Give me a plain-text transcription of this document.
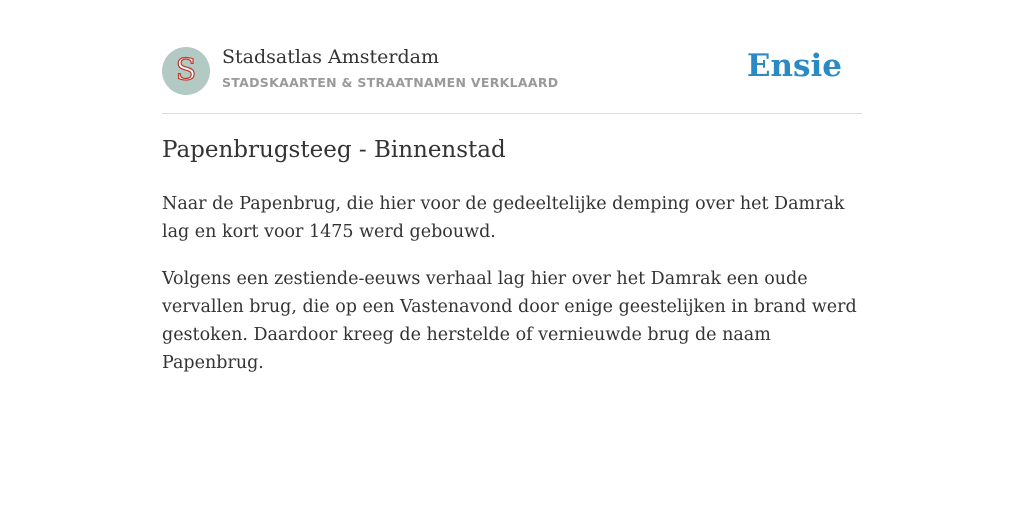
S	Stadsatlas Amsterdam
STADSKAARTEN & STRAATNAMEN VERKLAARD	Ensie
Papenbrugsteeg - Binnenstad

Naar de Papenbrug, die hier voor de gedeeltelijke demping over het Damrak lag en kort voor 1475 werd gebouwd.

Volgens een zestiende-eeuws verhaal lag hier over het Damrak een oude vervallen brug, die op een Vastenavond door enige geestelijken in brand werd gestoken. Daardoor kreeg de herstelde of vernieuwde brug de naam Papenbrug.
